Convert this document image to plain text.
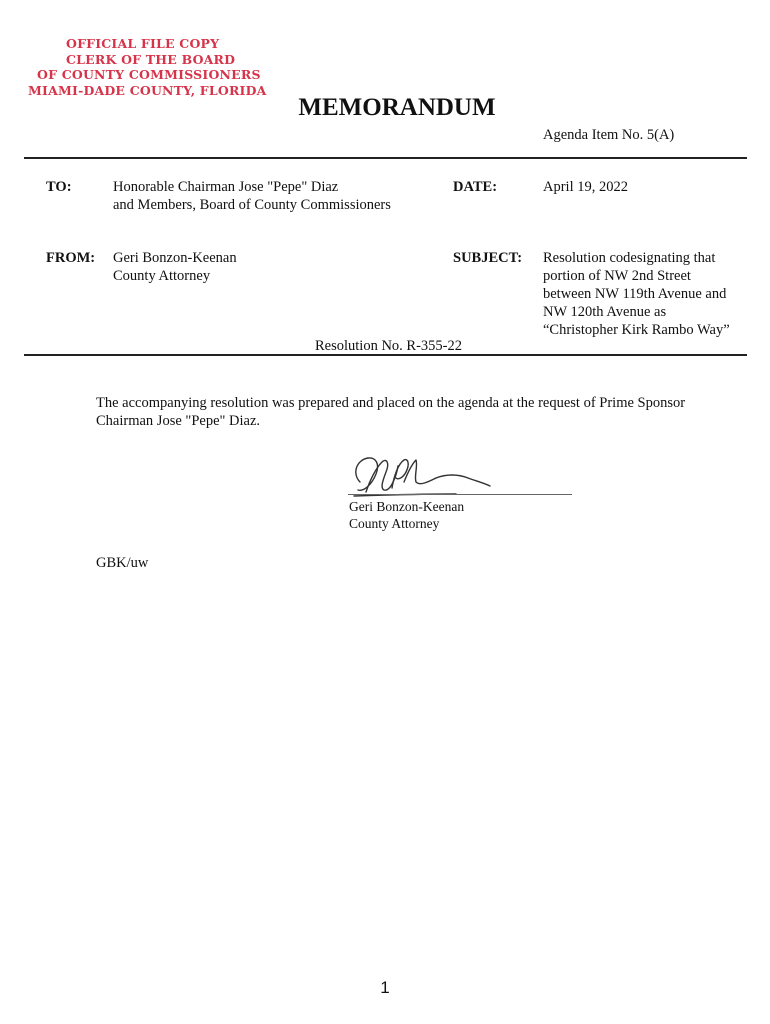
OFFICIAL FILE COPY
CLERK OF THE BOARD
OF COUNTY COMMISSIONERS
MIAMI-DADE COUNTY, FLORIDA
MEMORANDUM
Agenda Item No. 5(A)
TO:	Honorable Chairman Jose "Pepe" Diaz
and Members, Board of County Commissioners
DATE:	April 19, 2022
FROM: Geri Bonzon-Keenan
County Attorney
SUBJECT: Resolution codesignating that
portion of NW 2nd Street
between NW 119th Avenue and
NW 120th Avenue as
“Christopher Kirk Rambo Way”
Resolution No. R-355-22
The accompanying resolution was prepared and placed on the agenda at the request of Prime Sponsor
Chairman Jose "Pepe" Diaz.
Geri Bonzon-Keenan
County Attorney
GBK/uw
1
